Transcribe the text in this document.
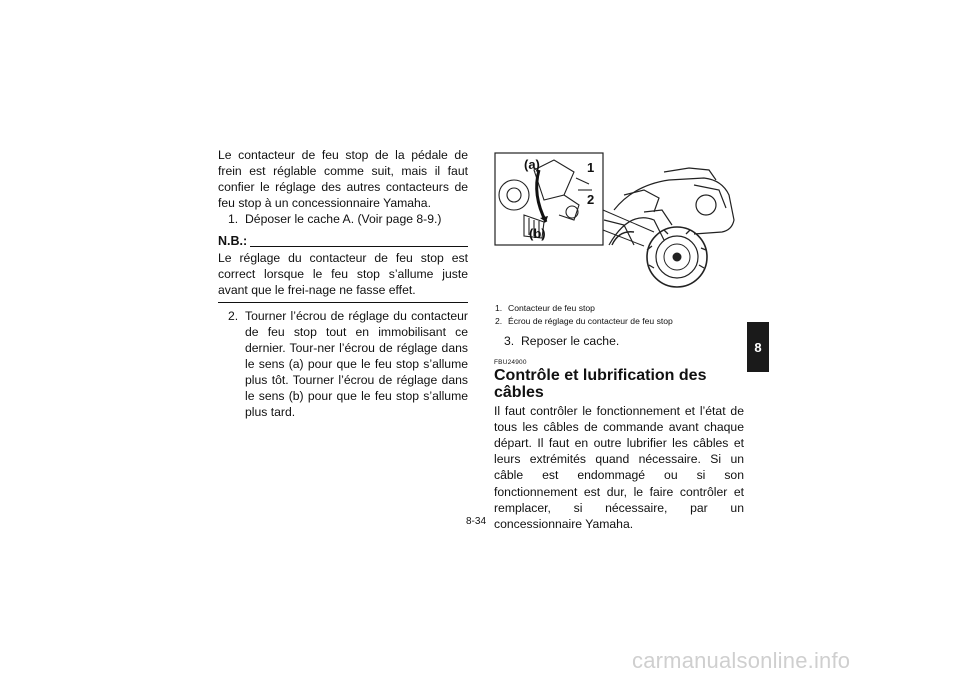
Le contacteur de feu stop de la pédale de frein est réglable comme suit, mais il faut confier le réglage des autres contacteurs de feu stop à un concessionnaire Yamaha.

1. Déposer le cache A. (Voir page 8-9.)
N.B.:

Le réglage du contacteur de feu stop est correct lorsque le feu stop s’allume juste avant que le frei-nage ne fasse effet.

2. Tourner l’écrou de réglage du contacteur de feu stop tout en immobilisant ce dernier. Tour-ner l’écrou de réglage dans le sens (a) pour que le feu stop s’allume plus tôt. Tourner l’écrou de réglage dans le sens (b) pour que le feu stop s’allume plus tard.
(a)
(b)
1
2
1. Contacteur de feu stop
2. Écrou de réglage du contacteur de feu stop
3. Reposer le cache.
FBU24900
Contrôle et lubrification des câbles

Il faut contrôler le fonctionnement et l’état de tous les câbles de commande avant chaque départ. Il faut en outre lubrifier les câbles et leurs extrémités quand nécessaire. Si un câble est endommagé ou si son fonctionnement est dur, le faire contrôler et remplacer, si nécessaire, par un concessionnaire Yamaha.

8
8-34
carmanualsonline.info
